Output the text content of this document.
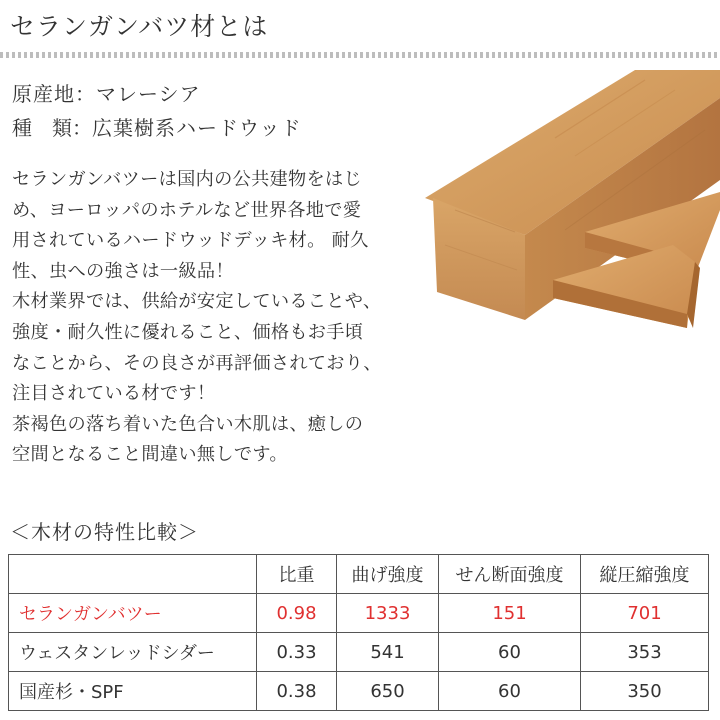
セランガンバツ材とは
原産地：マレーシア
種　類：広葉樹系ハードウッド
セランガンバツーは国内の公共建物をはじ
め、ヨーロッパのホテルなど世界各地で愛
用されているハードウッドデッキ材。 耐久
性、虫への強さは一級品！
木材業界では、供給が安定していることや、
強度・耐久性に優れること、価格もお手頃
なことから、その良さが再評価されており、
注目されている材です！
茶褐色の落ち着いた色合い木肌は、癒しの
空間となること間違い無しです。
＜木材の特性比較＞
	比重	曲げ強度	せん断面強度	縦圧縮強度
セランガンバツー	0.98	1333	151	701
ウェスタンレッドシダー	0.33	541	60	353
国産杉・SPF	0.38	650	60	350
